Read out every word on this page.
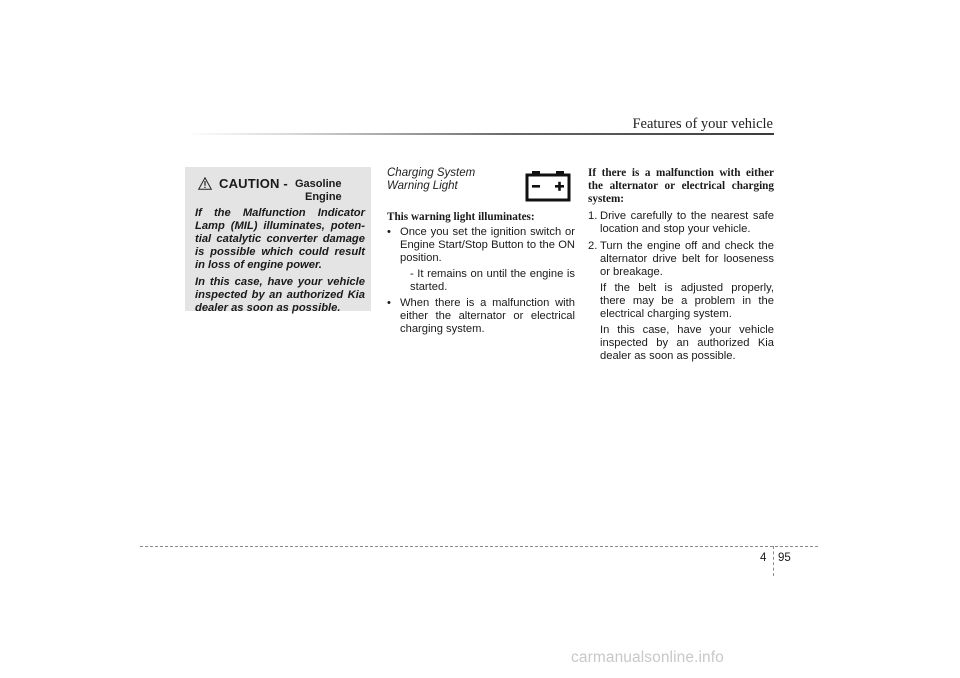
Features of your vehicle
CAUTION - Gasoline
Engine

If the Malfunction Indicator Lamp (MIL) illuminates, poten-tial catalytic converter damage is possible which could result in loss of engine power.

In this case, have your vehicle inspected by an authorized Kia dealer as soon as possible.

Charging System
Warning Light
This warning light illuminates:
• Once you set the ignition switch or Engine Start/Stop Button to the ON position.
- It remains on until the engine is started.
• When there is a malfunction with either the alternator or electrical charging system.
If there is a malfunction with either the alternator or electrical charging system:
1. Drive carefully to the nearest safe location and stop your vehicle.
2. Turn the engine off and check the alternator drive belt for looseness or breakage.
If the belt is adjusted properly, there may be a problem in the electrical charging system.
In this case, have your vehicle inspected by an authorized Kia dealer as soon as possible.
4 95
carmanualsonline.info
